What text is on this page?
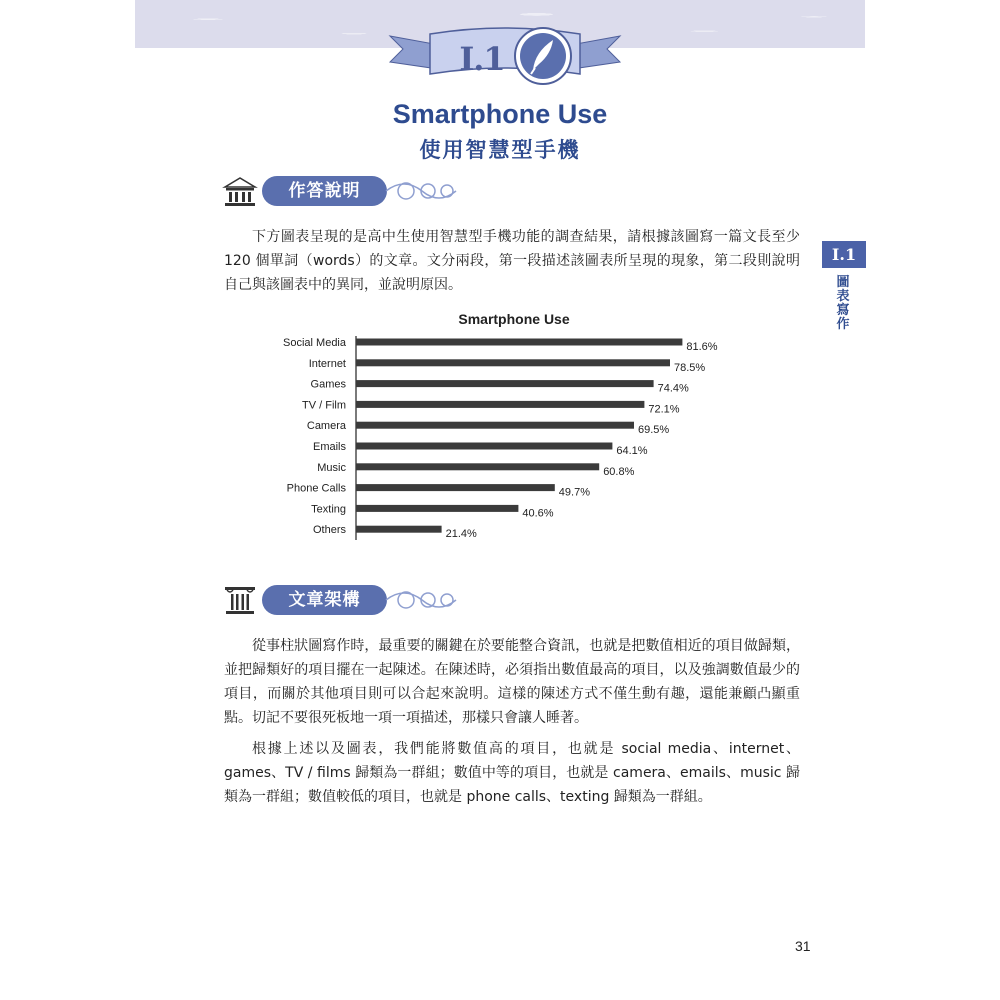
I.1
Smartphone Use
使用智慧型手機
I.1
圖
表
寫
作
作答說明

下方圖表呈現的是高中生使用智慧型手機功能的調查結果，請根據該圖寫一篇文長至少 120 個單詞（words）的文章。文分兩段，第一段描述該圖表所呈現的現象，第二段則說明自己與該圖表中的異同，並說明原因。

Smartphone Use
Social Media	81.6%
Internet	78.5%
Games	74.4%
TV / Film	72.1%
Camera	69.5%
Emails	64.1%
Music	60.8%
Phone Calls	49.7%
Texting	40.6%
Others	21.4%
文章架構

從事柱狀圖寫作時，最重要的關鍵在於要能整合資訊，也就是把數值相近的項目做歸類，並把歸類好的項目擺在一起陳述。在陳述時，必須指出數值最高的項目，以及強調數值最少的項目，而關於其他項目則可以合起來說明。這樣的陳述方式不僅生動有趣，還能兼顧凸顯重點。切記不要很死板地一項一項描述，那樣只會讓人睡著。

根據上述以及圖表，我們能將數值高的項目，也就是 social media、internet、games、TV / films 歸類為一群組；數值中等的項目，也就是 camera、emails、music 歸類為一群組；數值較低的項目，也就是 phone calls、texting 歸類為一群組。

31
